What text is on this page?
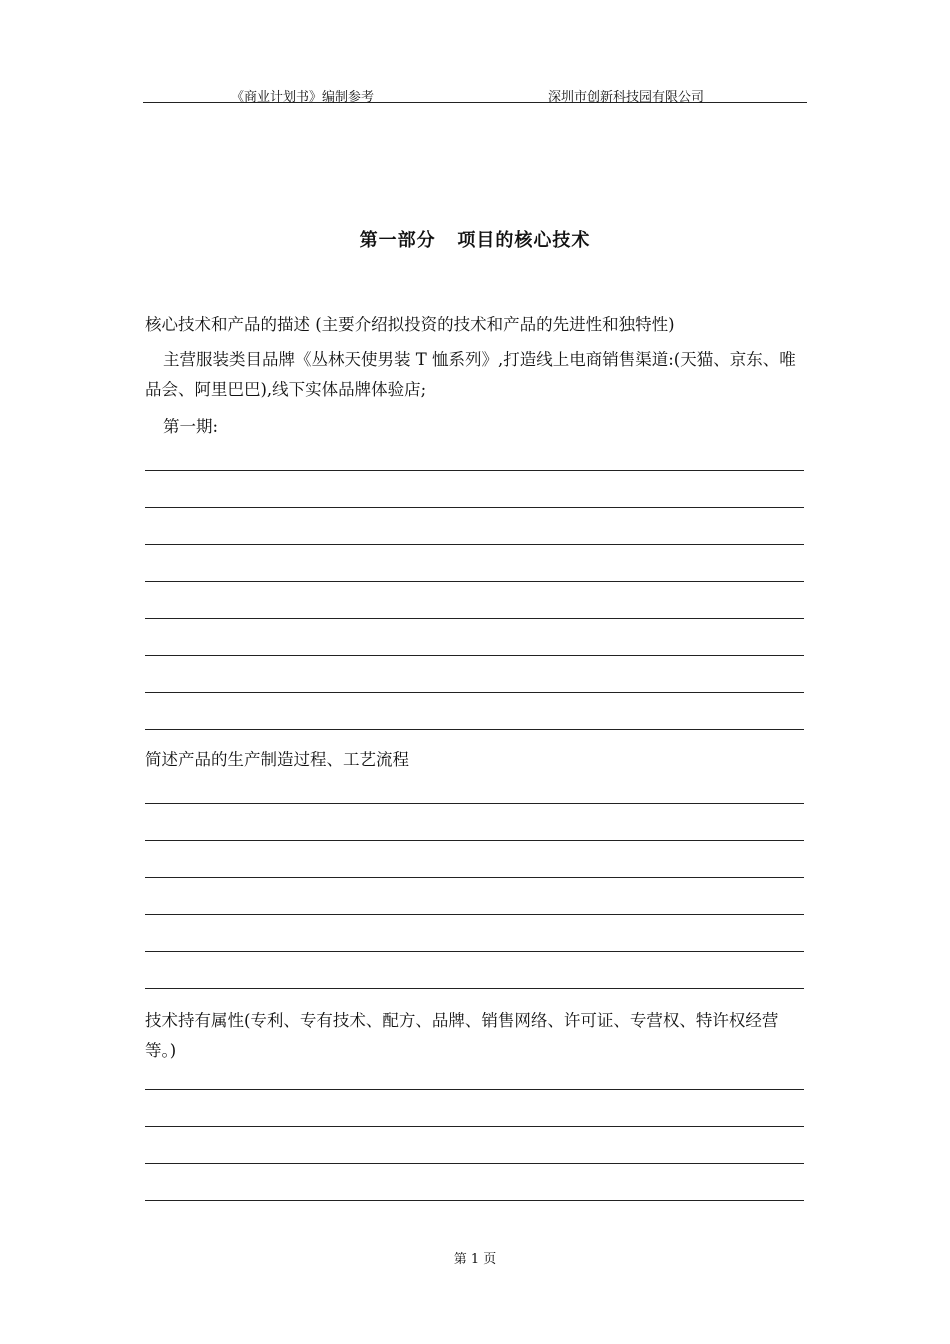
《商业计划书》编制参考	深圳市创新科技园有限公司
第一部分   项目的核心技术
核心技术和产品的描述 (主要介绍拟投资的技术和产品的先进性和独特性)
主营服装类目品牌《丛林天使男装 T 恤系列》,打造线上电商销售渠道:(天猫、京东、唯品会、阿里巴巴),线下实体品牌体验店;
第一期:
简述产品的生产制造过程、工艺流程
技术持有属性(专利、专有技术、配方、品牌、销售网络、许可证、专营权、特许权经营等。)
第 1 页
